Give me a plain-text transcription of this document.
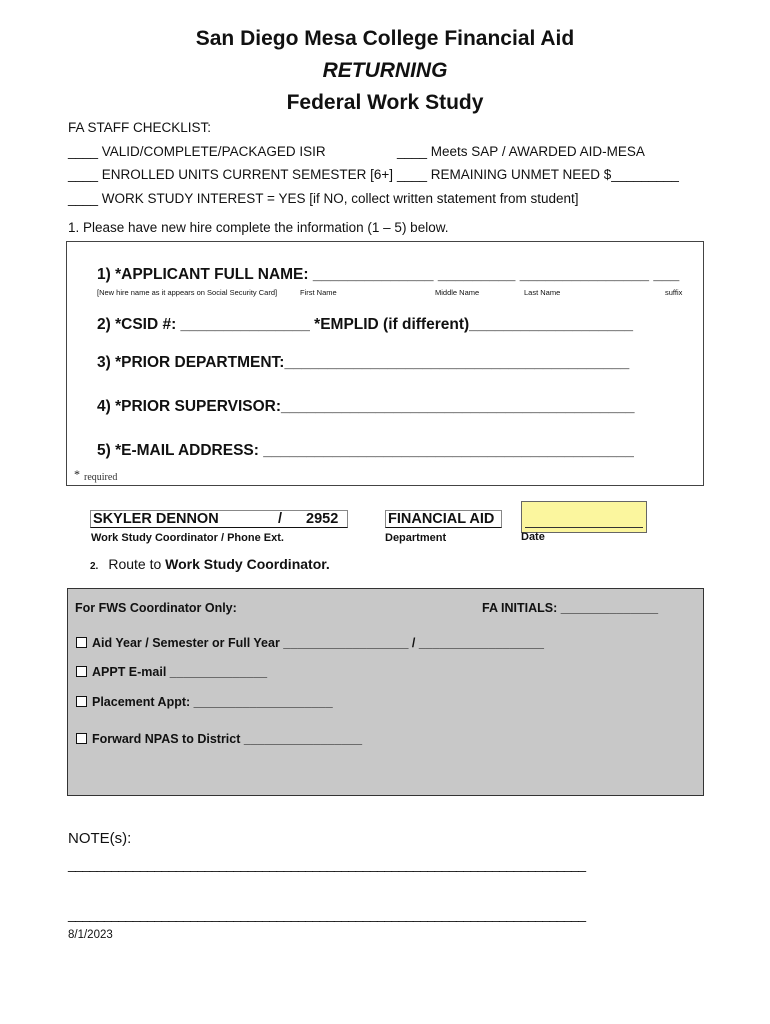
San Diego Mesa College Financial Aid
RETURNING
Federal Work Study
FA STAFF CHECKLIST:
____ VALID/COMPLETE/PACKAGED ISIR	____ Meets SAP / AWARDED AID-MESA
____ ENROLLED UNITS CURRENT SEMESTER [6+] ____ REMAINING UNMET NEED $_________
____ WORK STUDY INTEREST = YES [if NO, collect written statement from student]
1. Please have new hire complete the information (1 – 5) below.
1) *APPLICANT FULL NAME: ______________ _________ _______________ ___
[New hire name as it appears on Social Security Card]	First Name	Middle Name	Last Name	suffix
2) *CSID #: _______________ *EMPLID (if different)___________________
3) *PRIOR DEPARTMENT:________________________________________
4) *PRIOR SUPERVISOR:_________________________________________
5) *E-MAIL ADDRESS: ___________________________________________
* required
SKYLER DENNON	/ 2952
Work Study Coordinator / Phone Ext.
FINANCIAL AID
Department	Date
2. Route to Work Study Coordinator.
For FWS Coordinator Only:	FA INITIALS: ______________
Aid Year / Semester or Full Year __________________ / __________________
APPT E-mail ______________
Placement Appt: ____________________
Forward NPAS to District _________________
NOTE(s):
________________________________________________________________________
________________________________________________________________________
8/1/2023
